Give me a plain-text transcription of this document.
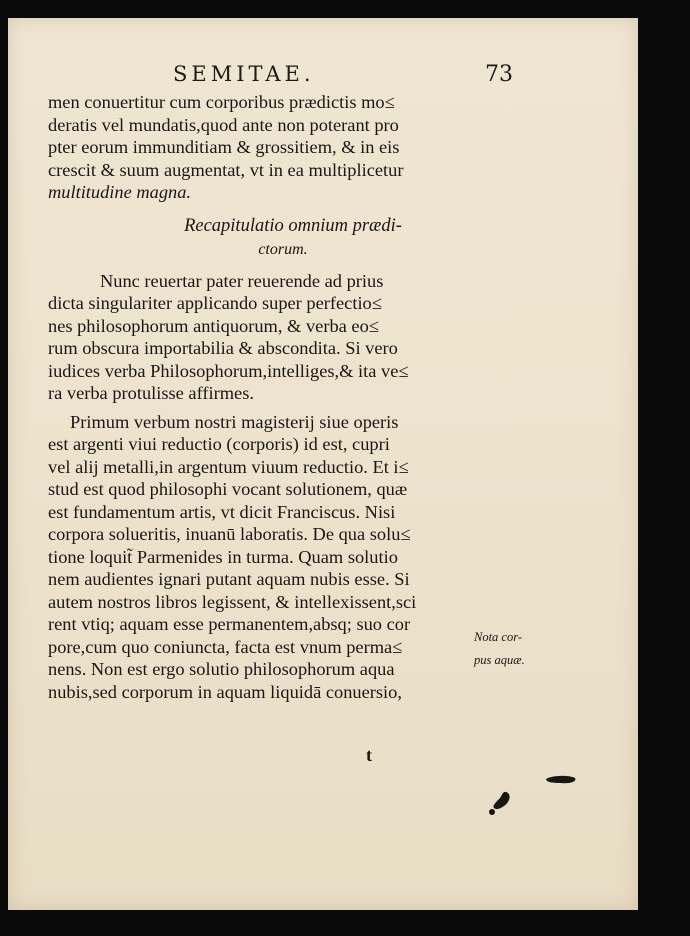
SEMITAE.	73
men conuertitur cum corporibus prædictis mo≤
deratis vel mundatis,quod ante non poterant pro
pter eorum immunditiam & grossitiem, & in eis
crescit & suum augmentat, vt in ea multiplicetur
multitudine magna.
Recapitulatio omnium prædi-
ctorum.
Nunc reuertar pater reuerende ad prius
dicta singulariter applicando super perfectio≤
nes philosophorum antiquorum, & verba eo≤
rum obscura importabilia & abscondita. Si vero
iudices verba Philosophorum,intelliges,& ita ve≤
ra verba protulisse affirmes.
Primum verbum nostri magisterij siue operis
est argenti viui reductio (corporis) id est, cupri
vel alij metalli,in argentum viuum reductio. Et i≤
stud est quod philosophi vocant solutionem, quæ
est fundamentum artis, vt dicit Franciscus. Nisi
corpora solueritis, inuanū laboratis. De qua solu≤
tione loquit̃ Parmenides in turma. Quam solutio
nem audientes ignari putant aquam nubis esse. Si
autem nostros libros legissent, & intellexissent,sci
rent vtiq; aquam esse permanentem,absq; suo cor
pore,cum quo coniuncta, facta est vnum perma≤
nens. Non est ergo solutio philosophorum aqua
nubis,sed corporum in aquam liquidā conuersio,
Nota cor-
pus aquæ.
t
